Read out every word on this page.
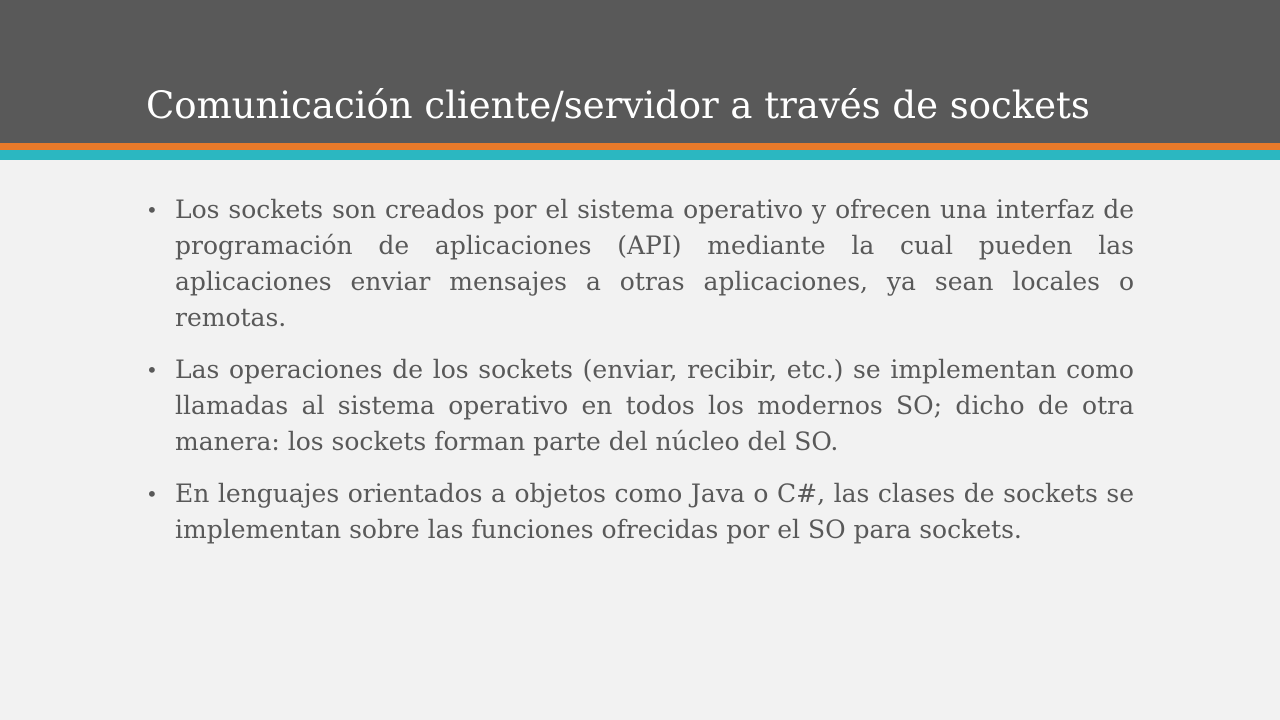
Comunicación cliente/servidor a través de sockets
• Los sockets son creados por el sistema operativo y ofrecen una interfaz de programación de aplicaciones (API) mediante la cual pueden las aplicaciones enviar mensajes a otras aplicaciones, ya sean locales o remotas.
• Las operaciones de los sockets (enviar, recibir, etc.) se implementan como llamadas al sistema operativo en todos los modernos SO; dicho de otra manera: los sockets forman parte del núcleo del SO.
• En lenguajes orientados a objetos como Java o C#, las clases de sockets se implementan sobre las funciones ofrecidas por el SO para sockets.
